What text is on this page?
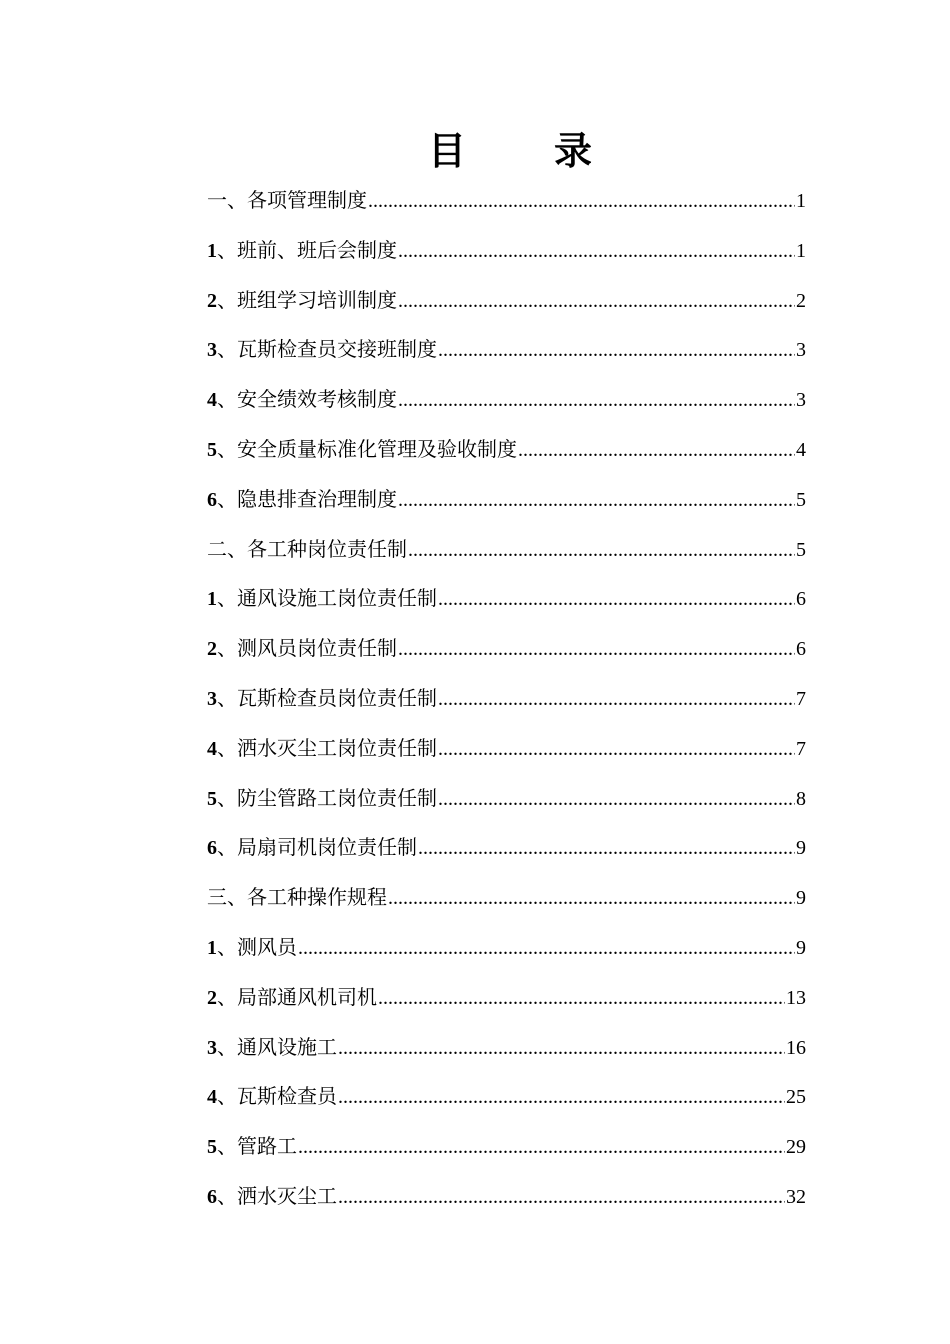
目 录
一、各项管理制度 .....	1
1、班前、班后会制度 .....	1
2、班组学习培训制度 .....	2
3、瓦斯检查员交接班制度 .....	3
4、安全绩效考核制度 .....	3
5、安全质量标准化管理及验收制度 .....	4
6、隐患排查治理制度 .....	5
二、各工种岗位责任制 .....	5
1、通风设施工岗位责任制 .....	6
2、测风员岗位责任制 .....	6
3、瓦斯检查员岗位责任制 .....	7
4、洒水灭尘工岗位责任制 .....	7
5、防尘管路工岗位责任制 .....	8
6、局扇司机岗位责任制 .....	9
三、各工种操作规程 .....	9
1、测风员 .....	9
2、局部通风机司机 .....	13
3、通风设施工 .....	16
4、瓦斯检查员 .....	25
5、管路工 .....	29
6、洒水灭尘工 .....	32
